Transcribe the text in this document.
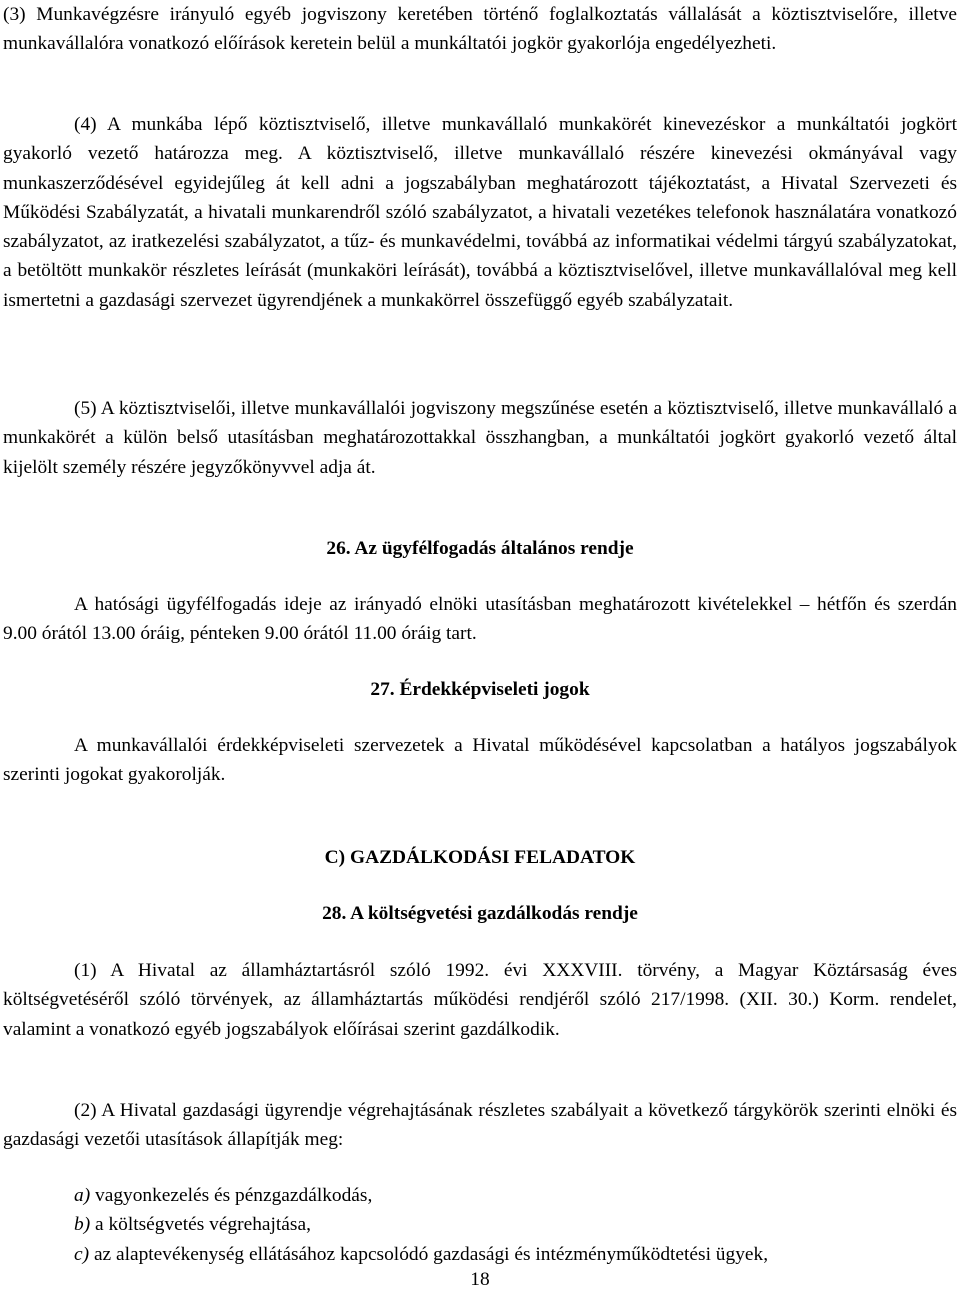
(3) Munkavégzésre irányuló egyéb jogviszony keretében történő foglalkoztatás vállalását a köztisztviselőre, illetve munkavállalóra vonatkozó előírások keretein belül a munkáltatói jogkör gyakorlója engedélyezheti.

(4) A munkába lépő köztisztviselő, illetve munkavállaló munkakörét kinevezéskor a munkáltatói jogkört gyakorló vezető határozza meg. A köztisztviselő, illetve munkavállaló részére kinevezési okmányával vagy munkaszerződésével egyidejűleg át kell adni a jogszabályban meghatározott tájékoztatást, a Hivatal Szervezeti és Működési Szabályzatát, a hivatali munkarendről szóló szabályzatot, a hivatali vezetékes telefonok használatára vonatkozó szabályzatot, az iratkezelési szabályzatot, a tűz- és munkavédelmi, továbbá az informatikai védelmi tárgyú szabályzatokat, a betöltött munkakör részletes leírását (munkaköri leírását), továbbá a köztisztviselővel, illetve munkavállalóval meg kell ismertetni a gazdasági szervezet ügyrendjének a munkakörrel összefüggő egyéb szabályzatait.

(5) A köztisztviselői, illetve munkavállalói jogviszony megszűnése esetén a köztisztviselő, illetve munkavállaló a munkakörét a külön belső utasításban meghatározottakkal összhangban, a munkáltatói jogkört gyakorló vezető által kijelölt személy részére jegyzőkönyvvel adja át.

26. Az ügyfélfogadás általános rendje

A hatósági ügyfélfogadás ideje az irányadó elnöki utasításban meghatározott kivételekkel – hétfőn és szerdán 9.00 órától 13.00 óráig, pénteken 9.00 órától 11.00 óráig tart.

27. Érdekképviseleti jogok

A munkavállalói érdekképviseleti szervezetek a Hivatal működésével kapcsolatban a hatályos jogszabályok szerinti jogokat gyakorolják.

C) GAZDÁLKODÁSI FELADATOK
28. A költségvetési gazdálkodás rendje

(1) A Hivatal az államháztartásról szóló 1992. évi XXXVIII. törvény, a Magyar Köztársaság éves költségvetéséről szóló törvények, az államháztartás működési rendjéről szóló 217/1998. (XII. 30.) Korm. rendelet, valamint a vonatkozó egyéb jogszabályok előírásai szerint gazdálkodik.

(2) A Hivatal gazdasági ügyrendje végrehajtásának részletes szabályait a következő tárgykörök szerinti elnöki és gazdasági vezetői utasítások állapítják meg:

a) vagyonkezelés és pénzgazdálkodás,

b) a költségvetés végrehajtása,

c) az alaptevékenység ellátásához kapcsolódó gazdasági és intézményműködtetési ügyek,

18
